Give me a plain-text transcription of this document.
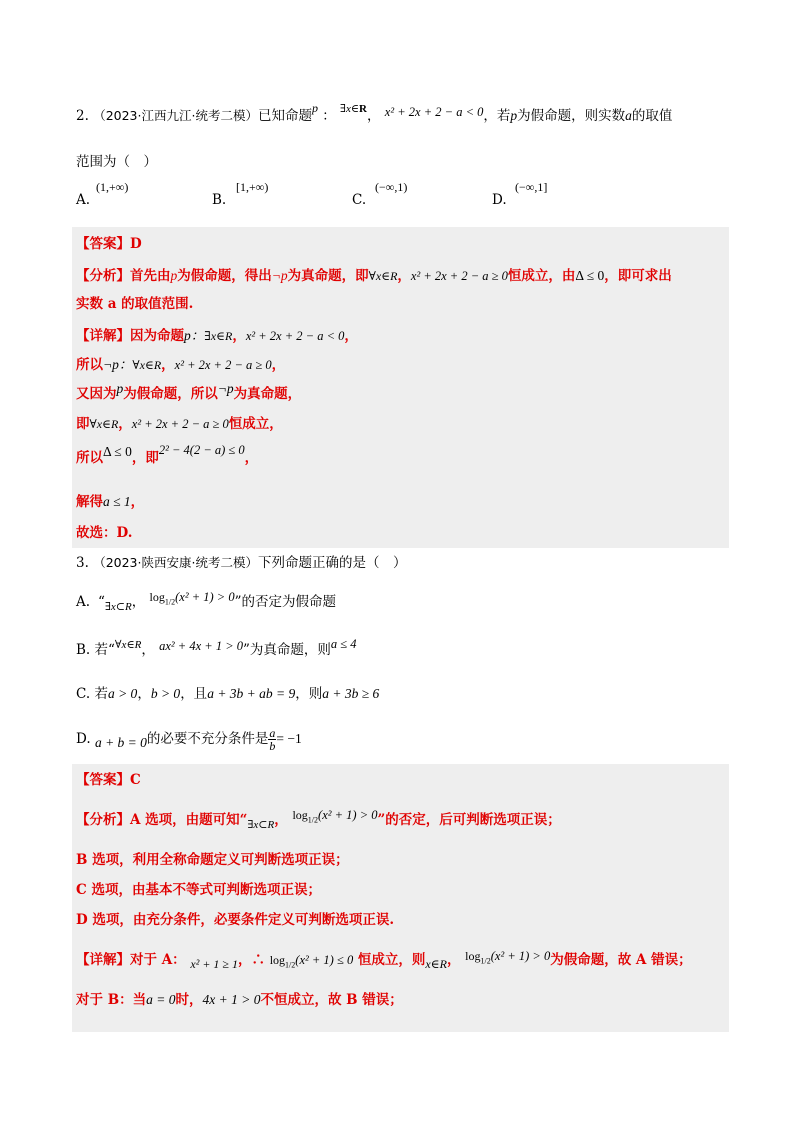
2. （2023·江西九江·统考二模）已知命题p ： $^{\exists x\in R}$， x² + 2x + 2 − a < 0，若p为假命题，则实数a的取值
范围为（　）
A.
(1,+∞)
B.
[1,+∞)
C.
(−∞,1)
D.
(−∞,1]
【答案】D
【分析】首先由p为假命题，得出¬p为真命题，即∀x∈R，x² + 2x + 2 − a ≥ 0恒成立，由Δ ≤ 0，即可求出
实数 a 的取值范围.
【详解】因为命题p：∃x∈R，x² + 2x + 2 − a < 0，
所以¬p：∀x∈R，x² + 2x + 2 − a ≥ 0，
又因为p为假命题，所以¬p为真命题，
即∀x∈R，x² + 2x + 2 − a ≥ 0恒成立，
所以Δ ≤ 0，即2² − 4(2 − a) ≤ 0，
解得a ≤ 1，
故选：D.
3. （2023·陕西安康·统考二模）下列命题正确的是（　）
A. “$_{\exists x\subset R}$， $\log_{1/2}(x^2 + 1) > 0$”的否定为假命题
B. 若“$^{\forall x\in R}$， ax² + 4x + 1 > 0”为真命题，则a ≤ 4
C. 若a > 0，b > 0，且a + 3b + ab = 9，则a + 3b ≥ 6
D. a + b = 0的必要不充分条件是 $\frac{a}{b} = -1$
【答案】C
【分析】A 选项，由题可知“$_{\exists x\subset R}$， $\log_{1/2}(x^2 + 1) > 0$”的否定，后可判断选项正误；
B 选项，利用全称命题定义可判断选项正误；
C 选项，由基本不等式可判断选项正误；
D 选项，由充分条件，必要条件定义可判断选项正误.
【详解】对于 A： x² + 1 ≥ 1，∴ $\log_{1/2}(x^2 + 1) \le 0$ 恒成立，则x∈R， $\log_{1/2}(x^2 + 1) > 0$为假命题，故 A 错误；
对于 B：当a = 0时，4x + 1 > 0不恒成立，故 B 错误；
